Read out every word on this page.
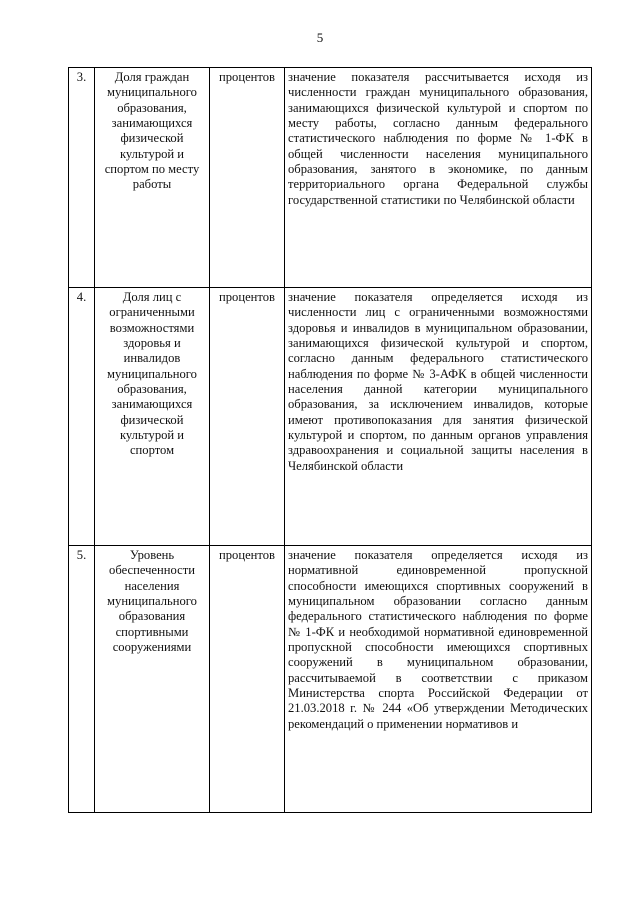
5
3.	Доля граждан муниципального образования, занимающихся физической культурой и спортом по месту работы	процентов	значение показателя рассчитывается исходя из численности граждан муниципального образования, занимающихся физической культурой и спортом по месту работы, согласно данным федерального статистического наблюдения по форме № 1-ФК в общей численности населения муниципального образования, занятого в экономике, по данным территориального органа Федеральной службы государственной статистики по Челябинской области
4.	Доля лиц с ограниченными возможностями здоровья и инвалидов муниципального образования, занимающихся физической культурой и спортом	процентов	значение показателя определяется исходя из численности лиц с ограниченными возможностями здоровья и инвалидов в муниципальном образовании, занимающихся физической культурой и спортом, согласно данным федерального статистического наблюдения по форме № 3-АФК в общей численности населения данной категории муниципального образования, за исключением инвалидов, которые имеют противопоказания для занятия физической культурой и спортом, по данным органов управления здравоохранения и социальной защиты населения в Челябинской области
5.	Уровень обеспеченности населения муниципального образования спортивными сооружениями	процентов	значение показателя определяется исходя из нормативной единовременной пропускной способности имеющихся спортивных сооружений в муниципальном образовании согласно данным федерального статистического наблюдения по форме № 1-ФК и необходимой нормативной единовременной пропускной способности имеющихся спортивных сооружений в муниципальном образовании, рассчитываемой в соответствии с приказом Министерства спорта Российской Федерации от 21.03.2018 г. № 244 «Об утверждении Методических рекомендаций о применении нормативов и
